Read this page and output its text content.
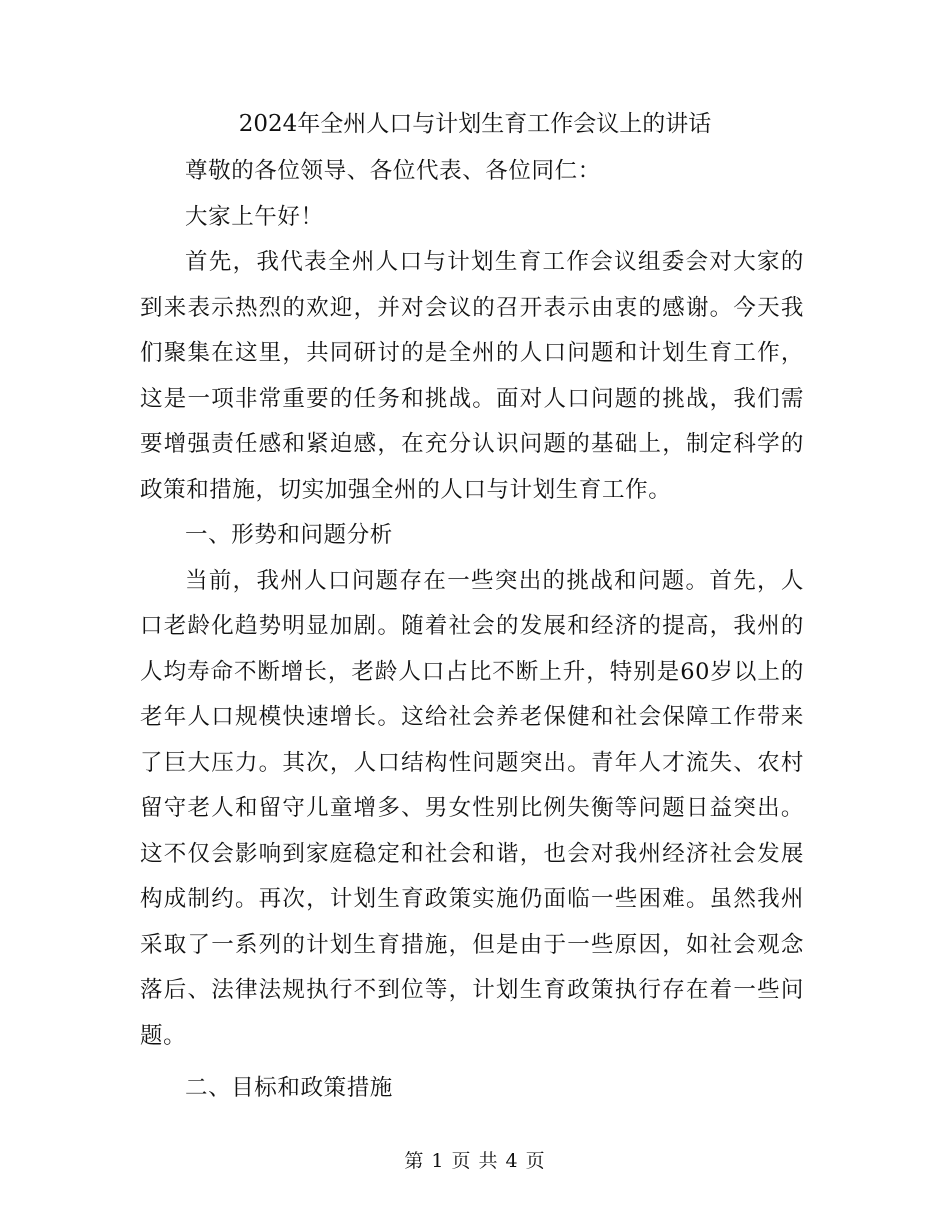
2024年全州人口与计划生育工作会议上的讲话

尊敬的各位领导、各位代表、各位同仁：

大家上午好！

首先，我代表全州人口与计划生育工作会议组委会对大家的到来表示热烈的欢迎，并对会议的召开表示由衷的感谢。今天我们聚集在这里，共同研讨的是全州的人口问题和计划生育工作，这是一项非常重要的任务和挑战。面对人口问题的挑战，我们需要增强责任感和紧迫感，在充分认识问题的基础上，制定科学的政策和措施，切实加强全州的人口与计划生育工作。

一、形势和问题分析

当前，我州人口问题存在一些突出的挑战和问题。首先，人口老龄化趋势明显加剧。随着社会的发展和经济的提高，我州的人均寿命不断增长，老龄人口占比不断上升，特别是60岁以上的老年人口规模快速增长。这给社会养老保健和社会保障工作带来了巨大压力。其次，人口结构性问题突出。青年人才流失、农村留守老人和留守儿童增多、男女性别比例失衡等问题日益突出。这不仅会影响到家庭稳定和社会和谐，也会对我州经济社会发展构成制约。再次，计划生育政策实施仍面临一些困难。虽然我州采取了一系列的计划生育措施，但是由于一些原因，如社会观念落后、法律法规执行不到位等，计划生育政策执行存在着一些问题。

二、目标和政策措施

第 1 页 共 4 页
